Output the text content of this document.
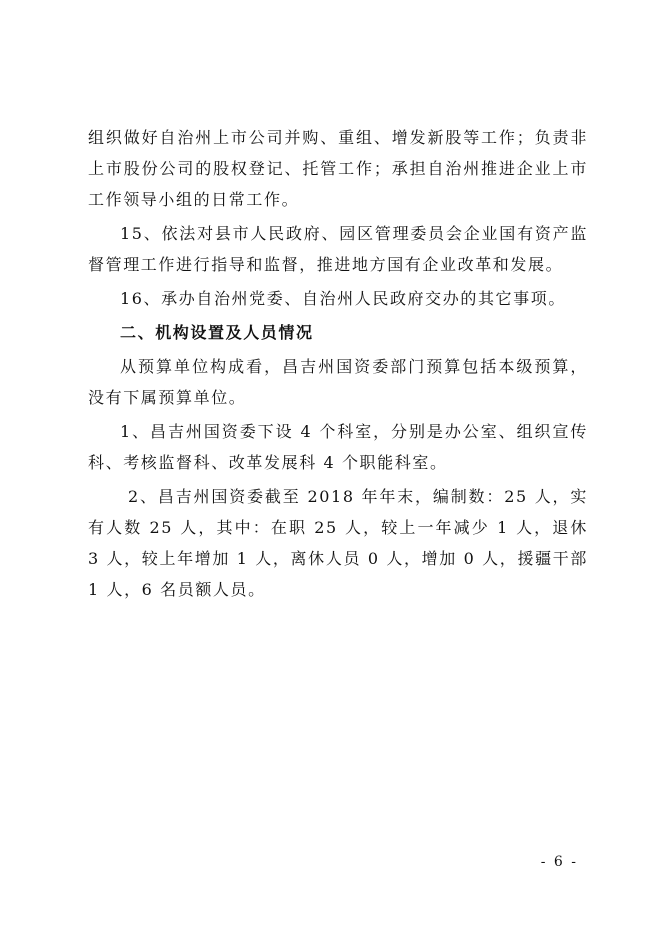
组织做好自治州上市公司并购、重组、增发新股等工作；负责非上市股份公司的股权登记、托管工作；承担自治州推进企业上市工作领导小组的日常工作。

15、依法对县市人民政府、园区管理委员会企业国有资产监督管理工作进行指导和监督，推进地方国有企业改革和发展。

16、承办自治州党委、自治州人民政府交办的其它事项。

二、机构设置及人员情况

从预算单位构成看，昌吉州国资委部门预算包括本级预算，没有下属预算单位。

1、昌吉州国资委下设 4 个科室，分别是办公室、组织宣传科、考核监督科、改革发展科 4 个职能科室。

2、昌吉州国资委截至 2018 年年末，编制数：25 人，实有人数 25 人，其中：在职 25 人，较上一年减少 1 人，退休 3 人，较上年增加 1 人，离休人员 0 人，增加 0 人，援疆干部 1 人，6 名员额人员。

- 6 -
